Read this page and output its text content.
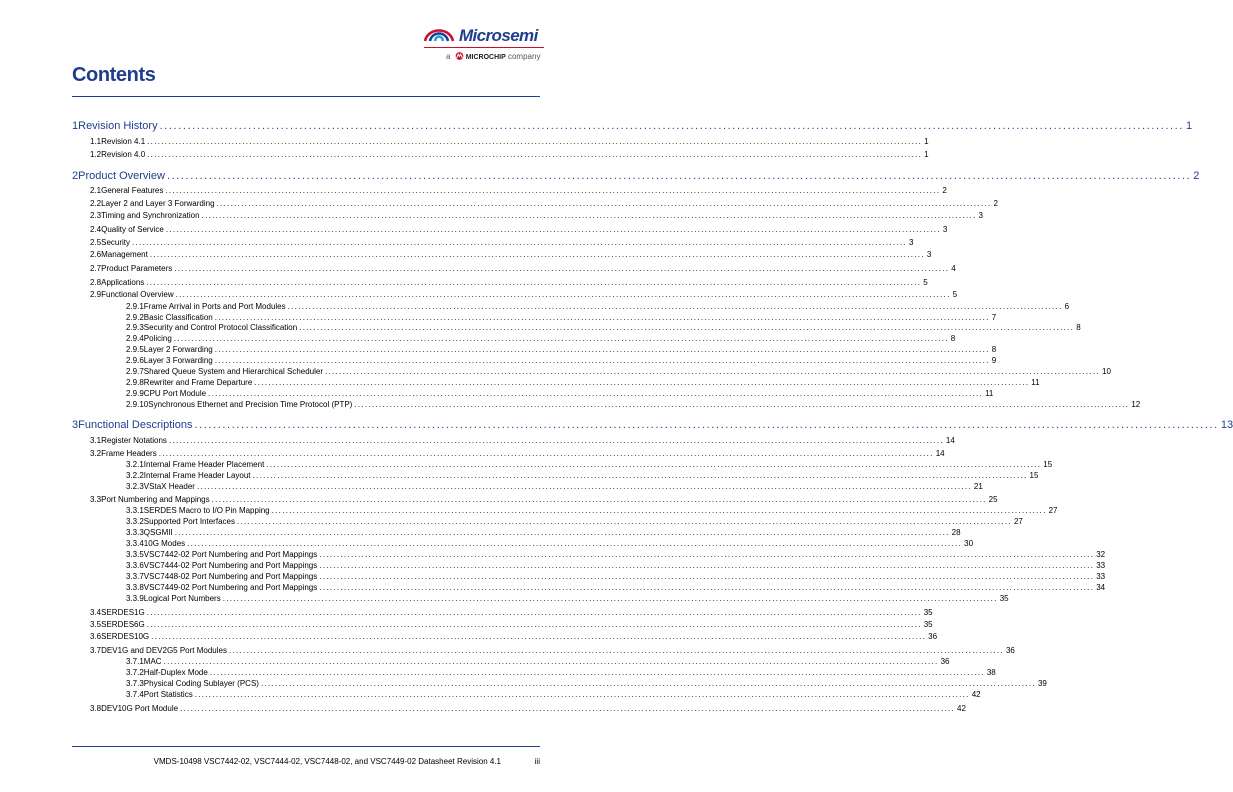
Microsemi
a MICROCHIP company
Contents
1 Revision History ............................................................................................................................................................................................................................ 1
1.1 Revision 4.1 ............................................................................................................................................................................................................................ 1
1.2 Revision 4.0 ............................................................................................................................................................................................................................ 1
2 Product Overview ............................................................................................................................................................................................................................ 2
2.1 General Features ............................................................................................................................................................................................................................ 2
2.2 Layer 2 and Layer 3 Forwarding ............................................................................................................................................................................................................................ 2
2.3 Timing and Synchronization ............................................................................................................................................................................................................................ 3
2.4 Quality of Service ............................................................................................................................................................................................................................ 3
2.5 Security ............................................................................................................................................................................................................................ 3
2.6 Management ............................................................................................................................................................................................................................ 3
2.7 Product Parameters ............................................................................................................................................................................................................................ 4
2.8 Applications ............................................................................................................................................................................................................................ 5
2.9 Functional Overview ............................................................................................................................................................................................................................ 5
2.9.1 Frame Arrival in Ports and Port Modules ............................................................................................................................................................................................................................ 6
2.9.2 Basic Classification ............................................................................................................................................................................................................................ 7
2.9.3 Security and Control Protocol Classification ............................................................................................................................................................................................................................ 8
2.9.4 Policing ............................................................................................................................................................................................................................ 8
2.9.5 Layer 2 Forwarding ............................................................................................................................................................................................................................ 8
2.9.6 Layer 3 Forwarding ............................................................................................................................................................................................................................ 9
2.9.7 Shared Queue System and Hierarchical Scheduler ............................................................................................................................................................................................................................ 10
2.9.8 Rewriter and Frame Departure ............................................................................................................................................................................................................................ 11
2.9.9 CPU Port Module ............................................................................................................................................................................................................................ 11
2.9.10 Synchronous Ethernet and Precision Time Protocol (PTP) ............................................................................................................................................................................................................................ 12
3 Functional Descriptions ............................................................................................................................................................................................................................ 13
3.1 Register Notations ............................................................................................................................................................................................................................ 14
3.2 Frame Headers ............................................................................................................................................................................................................................ 14
3.2.1 Internal Frame Header Placement ............................................................................................................................................................................................................................ 15
3.2.2 Internal Frame Header Layout ............................................................................................................................................................................................................................ 15
3.2.3 VStaX Header ............................................................................................................................................................................................................................ 21
3.3 Port Numbering and Mappings ............................................................................................................................................................................................................................ 25
3.3.1 SERDES Macro to I/O Pin Mapping ............................................................................................................................................................................................................................ 27
3.3.2 Supported Port Interfaces ............................................................................................................................................................................................................................ 27
3.3.3 QSGMII ............................................................................................................................................................................................................................ 28
3.3.4 10G Modes ............................................................................................................................................................................................................................ 30
3.3.5 VSC7442-02 Port Numbering and Port Mappings ............................................................................................................................................................................................................................ 32
3.3.6 VSC7444-02 Port Numbering and Port Mappings ............................................................................................................................................................................................................................ 33
3.3.7 VSC7448-02 Port Numbering and Port Mappings ............................................................................................................................................................................................................................ 33
3.3.8 VSC7449-02 Port Numbering and Port Mappings ............................................................................................................................................................................................................................ 34
3.3.9 Logical Port Numbers ............................................................................................................................................................................................................................ 35
3.4 SERDES1G ............................................................................................................................................................................................................................ 35
3.5 SERDES6G ............................................................................................................................................................................................................................ 35
3.6 SERDES10G ............................................................................................................................................................................................................................ 36
3.7 DEV1G and DEV2G5 Port Modules ............................................................................................................................................................................................................................ 36
3.7.1 MAC ............................................................................................................................................................................................................................ 36
3.7.2 Half-Duplex Mode ............................................................................................................................................................................................................................ 38
3.7.3 Physical Coding Sublayer (PCS) ............................................................................................................................................................................................................................ 39
3.7.4 Port Statistics ............................................................................................................................................................................................................................ 42
3.8 DEV10G Port Module ............................................................................................................................................................................................................................ 42
VMDS-10498 VSC7442-02, VSC7444-02, VSC7448-02, and VSC7449-02 Datasheet Revision 4.1	iii
